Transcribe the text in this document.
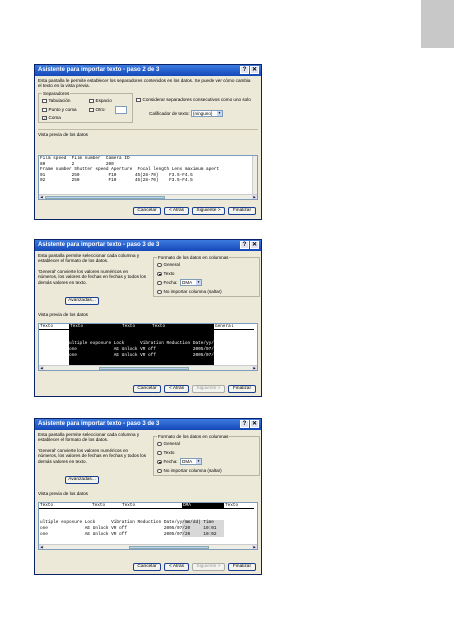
Asistente para importar texto - paso 2 de 3	? ✕
Esta pantalla le permite establecer los separadores contenidos en los datos. Se puede ver cómo cambia el texto en la vista previa.
Separadores
Tabulación
Punto y coma
✓ Coma
Espacio
Otro:
Considerar separadores consecutivos como uno solo
Calificador de texto: {ninguno} ▼
Vista previa de los datos
Film speed  Film number  Camera ID
80          2            200
Frame number Shutter speed Aperture  Focal length Lens maximum apert
01          250           F10       45(28-70)    F3.5-F4.5
02          250           F10       45(28-70)    F3.5-F4.5
◀	▶
Cancelar	< Atrás	Siguiente >	Finalizar
Asistente para importar texto - paso 3 de 3	? ✕
Esta pantalla permite seleccionar cada columna y establecer el formato de los datos.
'General' convierte los valores numéricos en números, los valores de fechas en fechas y todos los demás valores en texto.
Avanzadas...
Formato de los datos en columnas
General
Texto
Fecha: DMA ▼
No importar columna (saltar)
Vista previa de los datos
Texto	Texto	Texto	Texto	General
n setting Multiple exposure Lock      Vibration Reduction Date/yy/mm
oto flash None              AE Unlock VR off              2005/07/20
oto flash None              AE Unlock VR off              2005/07/20
◀	▶
Cancelar	< Atrás	Siguiente >	Finalizar
Asistente para importar texto - paso 3 de 3	? ✕
Esta pantalla permite seleccionar cada columna y establecer el formato de los datos.
'General' convierte los valores numéricos en números, los valores de fechas en fechas y todos los demás valores en texto.
Avanzadas...
Formato de los datos en columnas
General
Texto
Fecha: DMA ▼
No importar columna (saltar)
Vista previa de los datos
Texto	Texto	Texto	DMA	Texto
ultiple exposure Lock      Vibration Reduction Date/yy/mm/dd) Time
one              AE Unlock VR off              2005/07/20     10:01
one              AE Unlock VR off              2005/07/20     10:02
◀	▶
Cancelar	< Atrás	Siguiente >	Finalizar
